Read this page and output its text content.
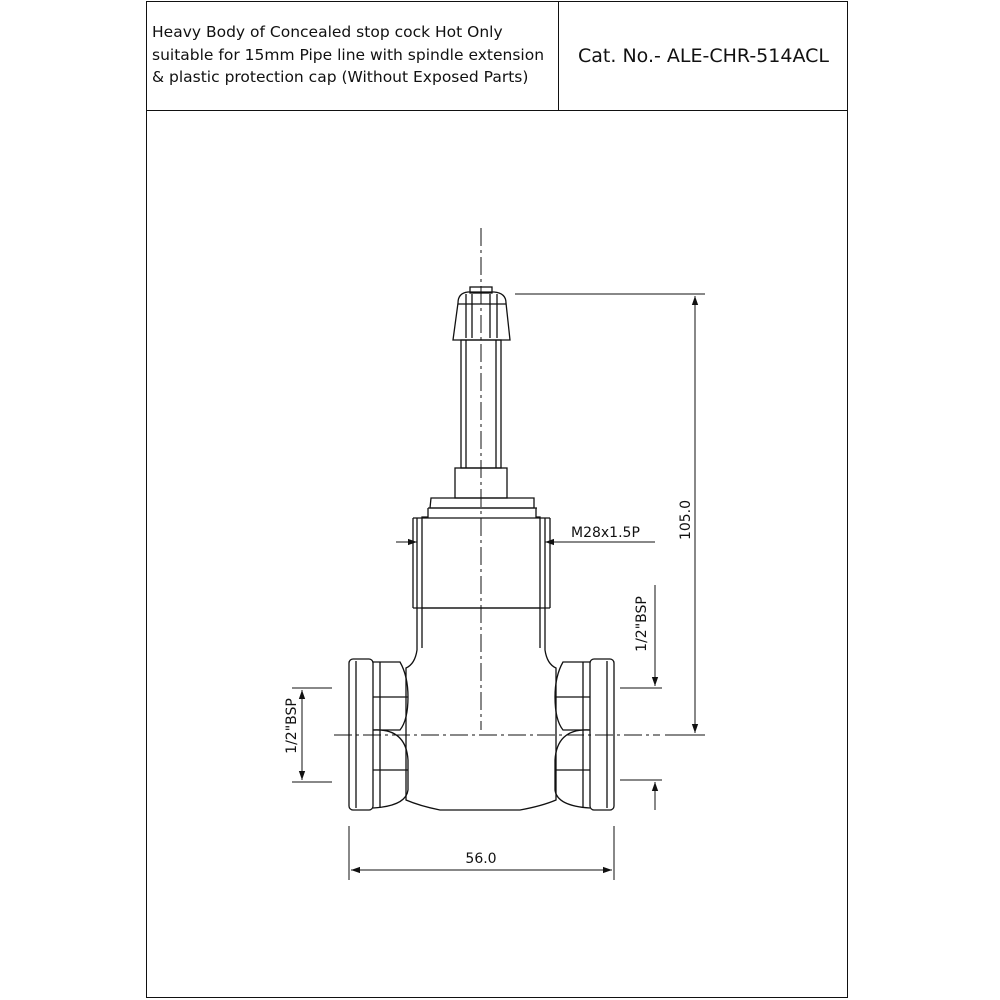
Heavy Body of Concealed stop cock Hot Only
suitable for 15mm Pipe line with spindle extension
& plastic protection cap (Without Exposed Parts)
Cat. No.- ALE-CHR-514ACL
105.0
56.0
M28x1.5P
1/2"BSP
1/2"BSP
